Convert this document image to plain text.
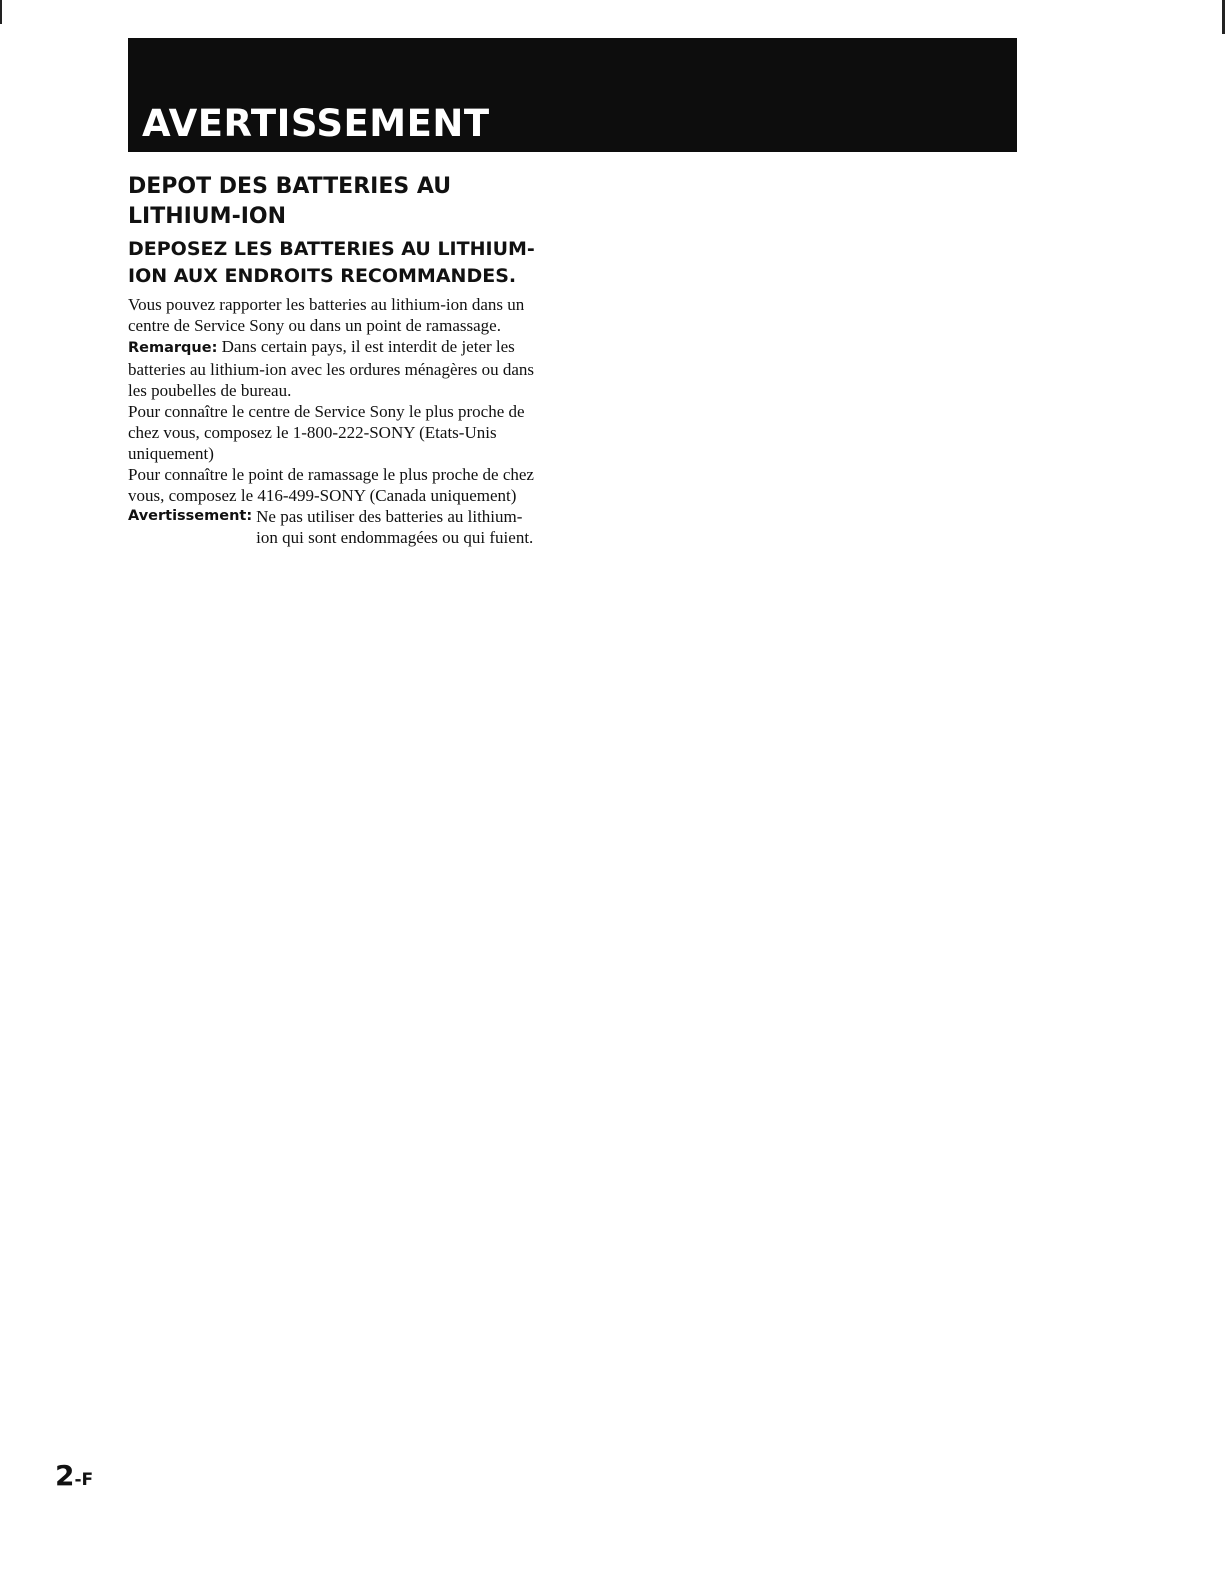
AVERTISSEMENT
DEPOT DES BATTERIES AU
LITHIUM-ION
DEPOSEZ LES BATTERIES AU LITHIUM-
ION AUX ENDROITS RECOMMANDES.

Vous pouvez rapporter les batteries au lithium-ion dans un centre de Service Sony ou dans un point de ramassage.

Remarque: Dans certain pays, il est interdit de jeter les batteries au lithium-ion avec les ordures ménagères ou dans les poubelles de bureau.

Pour connaître le centre de Service Sony le plus proche de chez vous, composez le 1-800-222-SONY (Etats-Unis uniquement)

Pour connaître le point de ramassage le plus proche de chez vous, composez le 416-499-SONY (Canada uniquement)

Avertissement: Ne pas utiliser des batteries au lithium-ion qui sont endommagées ou qui fuient.
2-F
